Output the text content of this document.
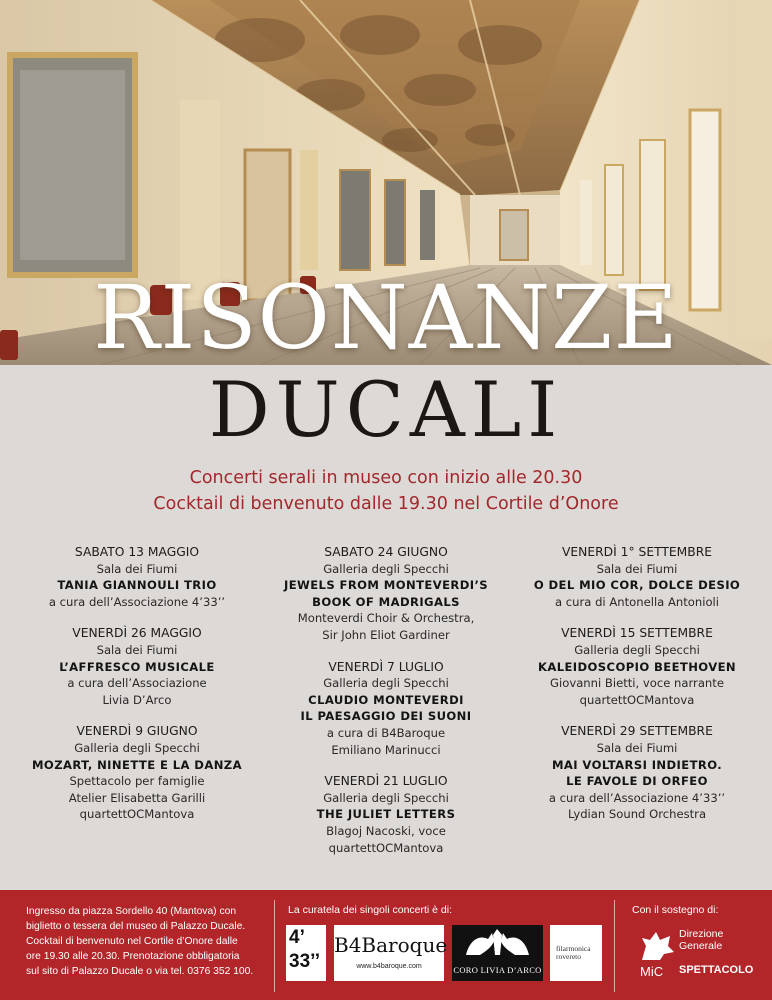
RISONANZE
DUCALI
Concerti serali in museo con inizio alle 20.30
Cocktail di benvenuto dalle 19.30 nel Cortile d’Onore
SABATO 13 MAGGIO
Sala dei Fiumi
TANIA GIANNOULI TRIO
a cura dell’Associazione 4’33’’
VENERDÌ 26 MAGGIO
Sala dei Fiumi
L’AFFRESCO MUSICALE
a cura dell’Associazione
Livia D’Arco
VENERDÌ 9 GIUGNO
Galleria degli Specchi
MOZART, NINETTE E LA DANZA
Spettacolo per famiglie
Atelier Elisabetta Garilli
quartettOCMantova
SABATO 24 GIUGNO
Galleria degli Specchi
JEWELS FROM MONTEVERDI’S
BOOK OF MADRIGALS
Monteverdi Choir & Orchestra,
Sir John Eliot Gardiner
VENERDÌ 7 LUGLIO
Galleria degli Specchi
CLAUDIO MONTEVERDI
IL PAESAGGIO DEI SUONI
a cura di B4Baroque
Emiliano Marinucci
VENERDÌ 21 LUGLIO
Galleria degli Specchi
THE JULIET LETTERS
Blagoj Nacoski, voce
quartettOCMantova
VENERDÌ 1° SETTEMBRE
Sala dei Fiumi
O DEL MIO COR, DOLCE DESIO
a cura di Antonella Antonioli
VENERDÌ 15 SETTEMBRE
Galleria degli Specchi
KALEIDOSCOPIO BEETHOVEN
Giovanni Bietti, voce narrante
quartettOCMantova
VENERDÌ 29 SETTEMBRE
Sala dei Fiumi
MAI VOLTARSI INDIETRO.
LE FAVOLE DI ORFEO
a cura dell’Associazione 4’33’’
Lydian Sound Orchestra
Ingresso da piazza Sordello 40 (Mantova) con
biglietto o tessera del museo di Palazzo Ducale.
Cocktail di benvenuto nel Cortile d’Onore dalle
ore 19.30 alle 20.30. Prenotazione obbligatoria
sul sito di Palazzo Ducale o via tel. 0376 352 100.
La curatela dei singoli concerti è di:	Con il sostegno di:
4’
33’’
B4Baroque
www.b4baroque.com	CORO LIVIA D’ARCO
filarmonica
rovereto
MiC
Direzione Generale
SPETTACOLO
